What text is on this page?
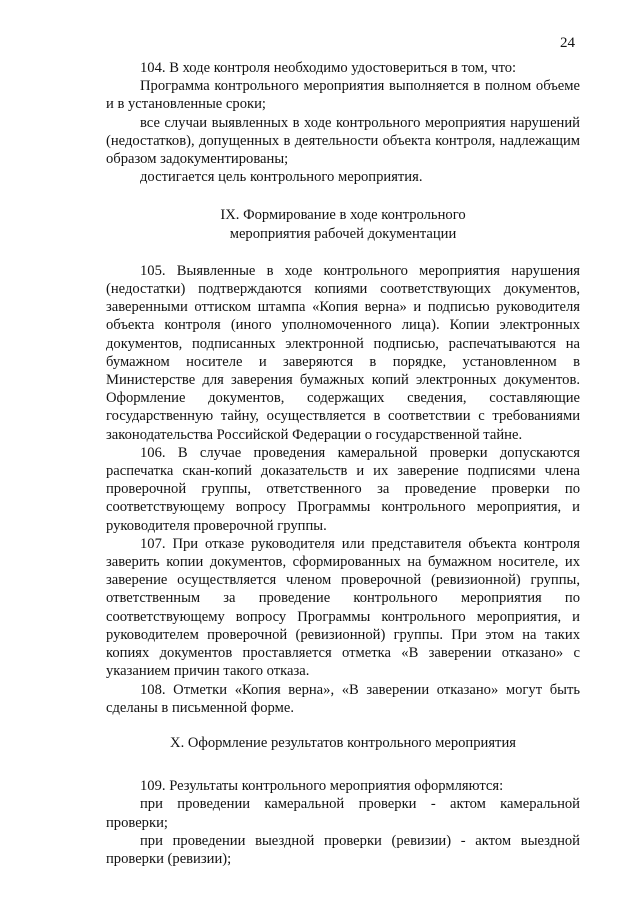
24

104. В ходе контроля необходимо удостовериться в том, что:

Программа контрольного мероприятия выполняется в полном объеме и в установленные сроки;

все случаи выявленных в ходе контрольного мероприятия нарушений (недостатков), допущенных в деятельности объекта контроля, надлежащим образом задокументированы;

достигается цель контрольного мероприятия.

IX. Формирование в ходе контрольного
мероприятия рабочей документации

105. Выявленные в ходе контрольного мероприятия нарушения (недостатки) подтверждаются копиями соответствующих документов, заверенными оттиском штампа «Копия верна» и подписью руководителя объекта контроля (иного уполномоченного лица). Копии электронных документов, подписанных электронной подписью, распечатываются на бумажном носителе и заверяются в порядке, установленном в Министерстве для заверения бумажных копий электронных документов. Оформление документов, содержащих сведения, составляющие государственную тайну, осуществляется в соответствии с требованиями законодательства Российской Федерации о государственной тайне.

106. В случае проведения камеральной проверки допускаются распечатка скан-копий доказательств и их заверение подписями члена проверочной группы, ответственного за проведение проверки по соответствующему вопросу Программы контрольного мероприятия, и руководителя проверочной группы.

107. При отказе руководителя или представителя объекта контроля заверить копии документов, сформированных на бумажном носителе, их заверение осуществляется членом проверочной (ревизионной) группы, ответственным за проведение контрольного мероприятия по соответствующему вопросу Программы контрольного мероприятия, и руководителем проверочной (ревизионной) группы. При этом на таких копиях документов проставляется отметка «В заверении отказано» с указанием причин такого отказа.

108. Отметки «Копия верна», «В заверении отказано» могут быть сделаны в письменной форме.

X. Оформление результатов контрольного мероприятия

109. Результаты контрольного мероприятия оформляются:

при проведении камеральной проверки - актом камеральной проверки;

при проведении выездной проверки (ревизии) - актом выездной проверки (ревизии);
